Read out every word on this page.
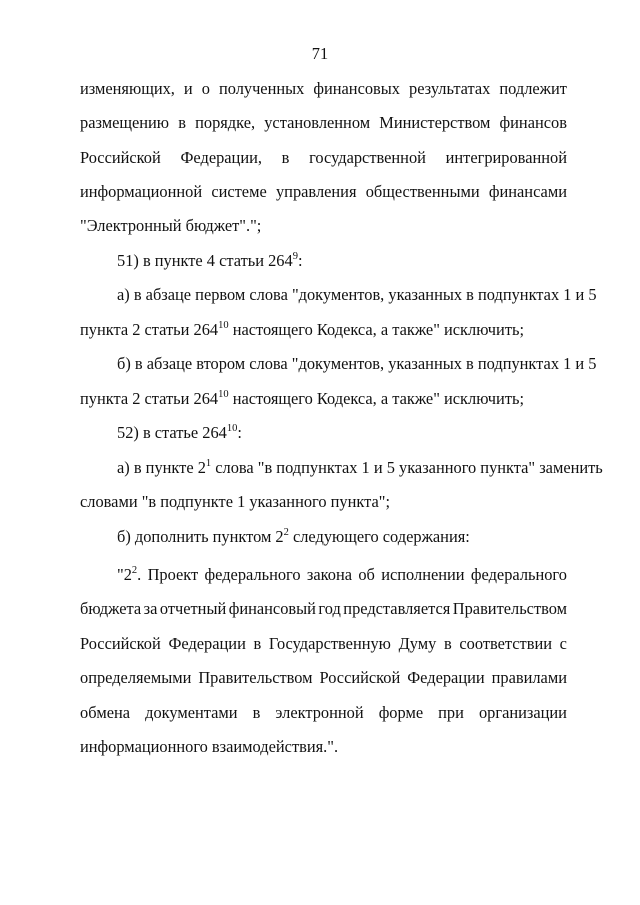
71
изменяющих, и о полученных финансовых результатах подлежит
размещению в порядке, установленном Министерством финансов
Российской Федерации, в государственной интегрированной
информационной системе управления общественными финансами
"Электронный бюджет".";
51) в пункте 4 статьи $264^9$:
а) в абзаце первом слова "документов, указанных в подпунктах 1 и 5
пункта 2 статьи $264^{10}$ настоящего Кодекса, а также" исключить;
б) в абзаце втором слова "документов, указанных в подпунктах 1 и 5
пункта 2 статьи $264^{10}$ настоящего Кодекса, а также" исключить;
52) в статье $264^{10}$:
а) в пункте $2^1$ слова "в подпунктах 1 и 5 указанного пункта" заменить
словами "в подпункте 1 указанного пункта";
б) дополнить пунктом $2^2$ следующего содержания:
"$2^2$. Проект федерального закона об исполнении федерального
бюджета за отчетный финансовый год представляется Правительством
Российской Федерации в Государственную Думу в соответствии с
определяемыми Правительством Российской Федерации правилами
обмена документами в электронной форме при организации
информационного взаимодействия.".
